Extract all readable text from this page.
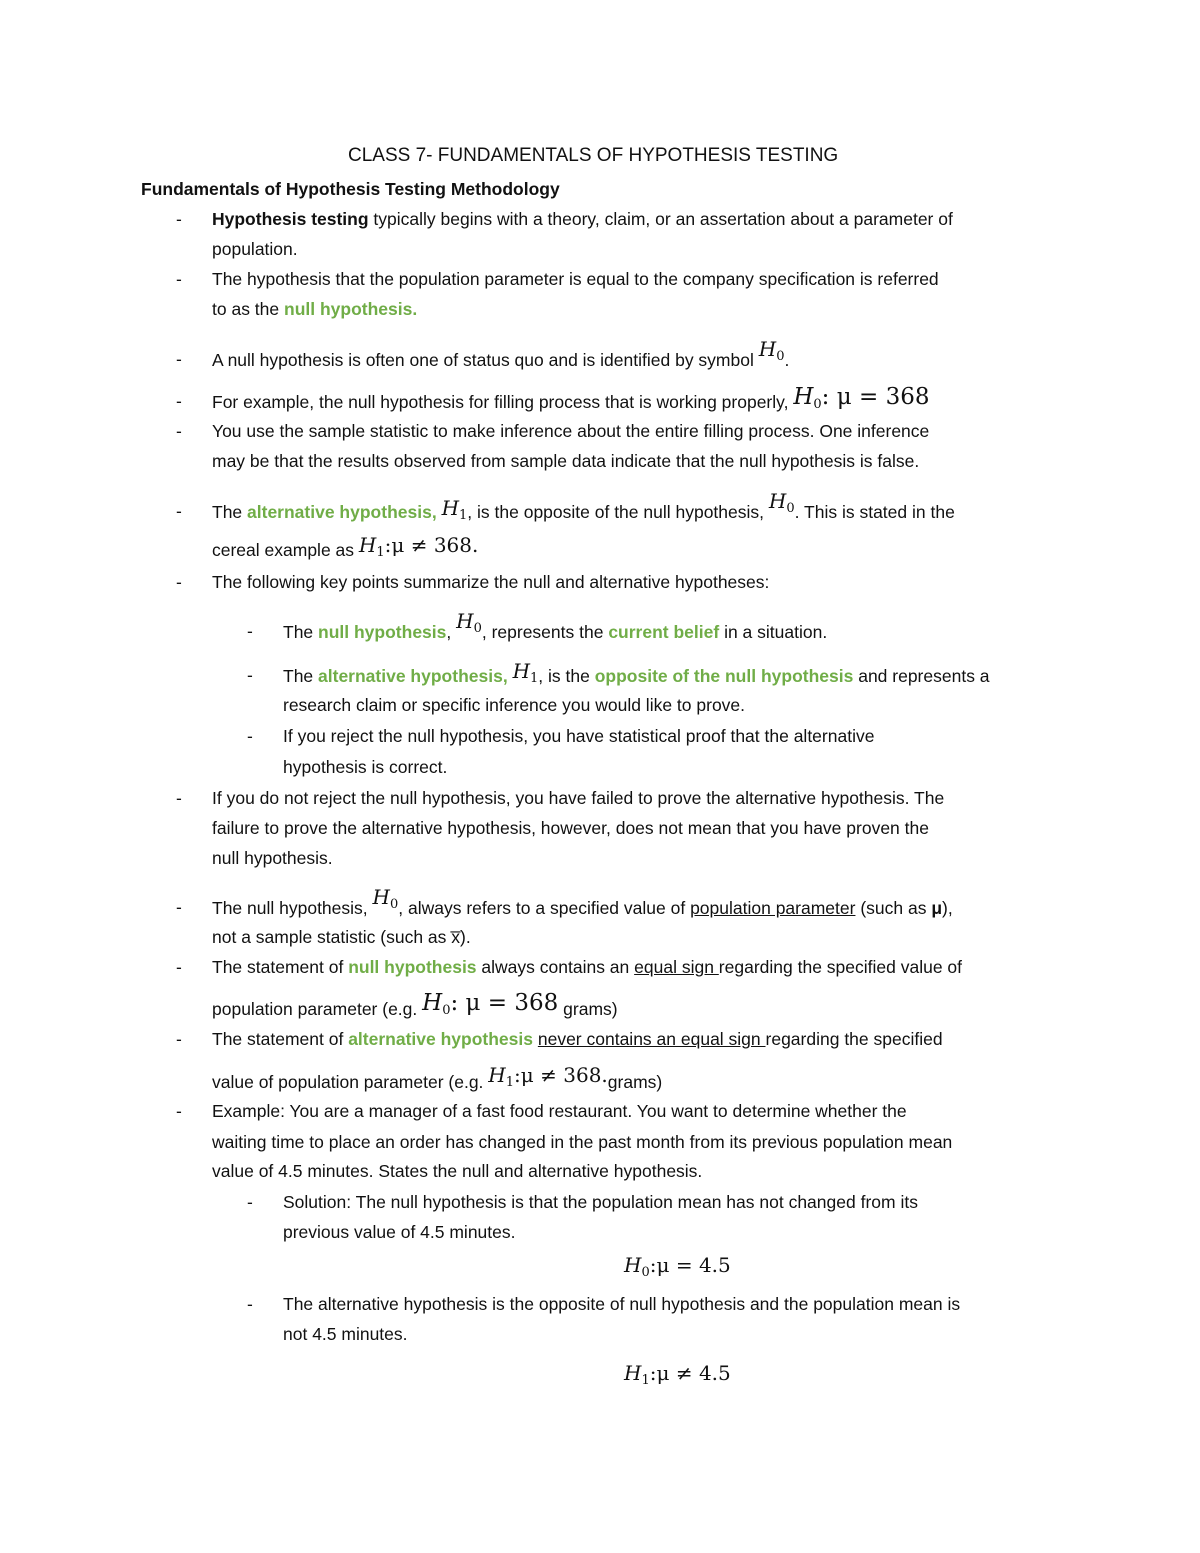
CLASS 7- FUNDAMENTALS OF HYPOTHESIS TESTING
Fundamentals of Hypothesis Testing Methodology
- Hypothesis testing typically begins with a theory, claim, or an assertation about a parameter of
population.
- The hypothesis that the population parameter is equal to the company specification is referred
to as the null hypothesis.
- A null hypothesis is often one of status quo and is identified by symbol $H_0$.
- For example, the null hypothesis for filling process that is working properly, $H_0$: μ = 368
- You use the sample statistic to make inference about the entire filling process. One inference
may be that the results observed from sample data indicate that the null hypothesis is false.
- The alternative hypothesis, $H_1$, is the opposite of the null hypothesis, $H_0$. This is stated in the
cereal example as $H_1:\mu \ne 368$.
- The following key points summarize the null and alternative hypotheses:
- The null hypothesis, $H_0$, represents the current belief in a situation.
- The alternative hypothesis, $H_1$, is the opposite of the null hypothesis and represents a
research claim or specific inference you would like to prove.
- If you reject the null hypothesis, you have statistical proof that the alternative
hypothesis is correct.
- If you do not reject the null hypothesis, you have failed to prove the alternative hypothesis. The
failure to prove the alternative hypothesis, however, does not mean that you have proven the
null hypothesis.
- The null hypothesis, $H_0$, always refers to a specified value of population parameter (such as μ),
not a sample statistic (such as x̅).
- The statement of null hypothesis always contains an equal sign regarding the specified value of
population parameter (e.g. $H_0$: μ = 368 grams)
- The statement of alternative hypothesis never contains an equal sign regarding the specified
value of population parameter (e.g. $H_1:\mu$ ≠ 368.grams)
- Example: You are a manager of a fast food restaurant. You want to determine whether the
waiting time to place an order has changed in the past month from its previous population mean
value of 4.5 minutes. States the null and alternative hypothesis.
- Solution: The null hypothesis is that the population mean has not changed from its
previous value of 4.5 minutes.
$H_0:\mu = 4.5$
- The alternative hypothesis is the opposite of null hypothesis and the population mean is
not 4.5 minutes.
$H_1:\mu \ne 4.5$
